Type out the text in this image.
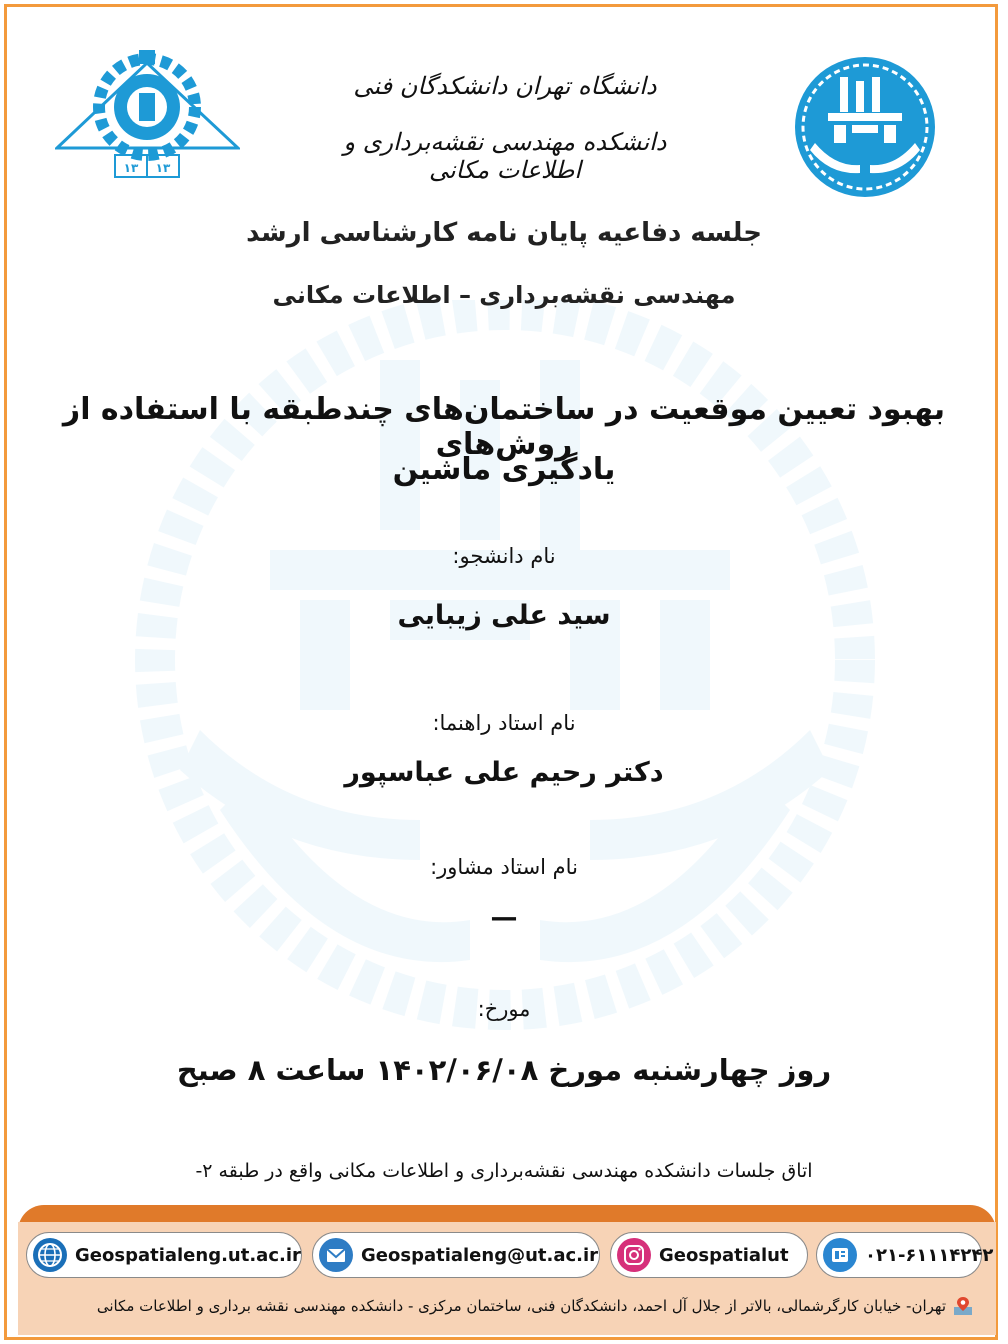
۱۳
۱۳
دانشگاه تهران دانشکدگان فنی
دانشکده مهندسی نقشه‌برداری و اطلاعات مکانی
جلسه دفاعیه پایان نامه کارشناسی ارشد
مهندسی نقشه‌برداری – اطلاعات مکانی
بهبود تعیین موقعیت در ساختمان‌های چندطبقه با استفاده از روش‌های
یادگیری ماشین
نام دانشجو:
سید علی زیبایی
نام استاد راهنما:
دکتر رحیم علی عباسپور
نام استاد مشاور:
—
مورخ:
روز چهارشنبه مورخ ۱۴۰۲/۰۶/۰۸ ساعت ۸ صبح
اتاق جلسات دانشکده مهندسی نقشه‌برداری و اطلاعات مکانی واقع در طبقه ۲-
Geospatialeng.ut.ac.ir	Geospatialeng@ut.ac.ir	Geospatialut	۰۲۱-۶۱۱۱۴۲۴۲
تهران- خیابان کارگرشمالی، بالاتر از جلال آل احمد، دانشکدگان فنی، ساختمان مرکزی - دانشکده مهندسی نقشه برداری و اطلاعات مکانی
